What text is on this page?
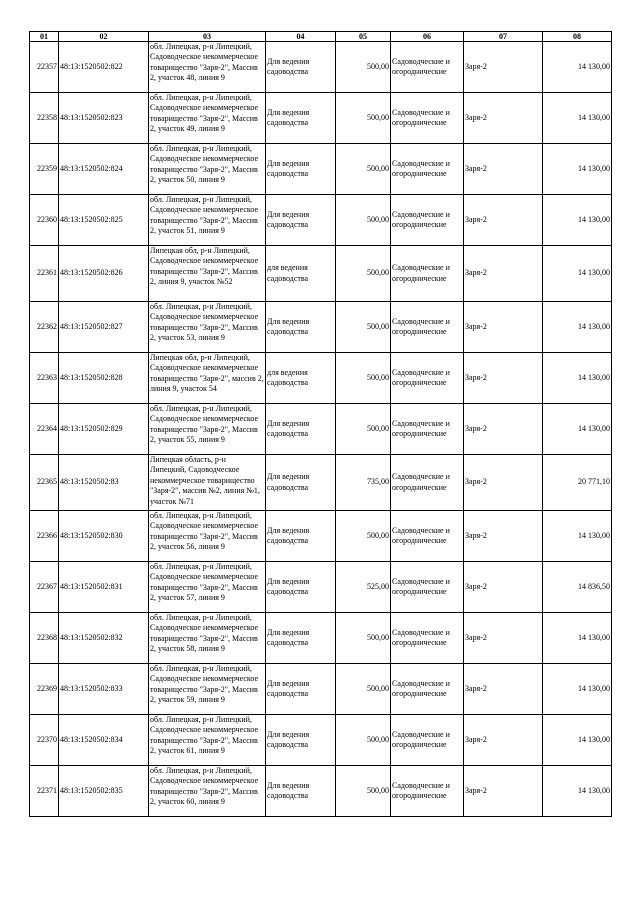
01	02	03	04	05	06	07	08
22357	48:13:1520502:822	обл. Липецкая, р-н Липецкий, Садоводческое некоммерческое товарищество "Заря-2", Массив 2, участок 48, линия 9	Для ведения садоводства	500,00	Садоводческие и огороднические	Заря-2	14 130,00
22358	48:13:1520502:823	обл. Липецкая, р-н Липецкий, Садоводческое некоммерческое товарищество "Заря-2", Массив 2, участок 49, линия 9	Для ведения садоводства	500,00	Садоводческие и огороднические	Заря-2	14 130,00
22359	48:13:1520502:824	обл. Липецкая, р-н Липецкий, Садоводческое некоммерческое товарищество "Заря-2", Массив 2, участок 50, линия 9	Для ведения садоводства	500,00	Садоводческие и огороднические	Заря-2	14 130,00
22360	48:13:1520502:825	обл. Липецкая, р-н Липецкий, Садоводческое некоммерческое товарищество "Заря-2", Массив 2, участок 51, линия 9	Для ведения садоводства	500,00	Садоводческие и огороднические	Заря-2	14 130,00
22361	48:13:1520502:826	Липецкая обл, р-н Липецкий, Садоводческое некоммерческое товарищество "Заря-2", Массив 2, линия 9, участок №52	для ведения садоводства	500,00	Садоводческие и огороднические	Заря-2	14 130,00
22362	48:13:1520502:827	обл. Липецкая, р-н Липецкий, Садоводческое некоммерческое товарищество "Заря-2", Массив 2, участок 53, линия 9	Для ведения садоводства	500,00	Садоводческие и огороднические	Заря-2	14 130,00
22363	48:13:1520502:828	Липецкая обл, р-н Липецкий, Садоводческое некоммерческое товарищество "Заря-2", массив 2, линия 9, участок 54	для ведения садоводства	500,00	Садоводческие и огороднические	Заря-2	14 130,00
22364	48:13:1520502:829	обл. Липецкая, р-н Липецкий, Садоводческое некоммерческое товарищество "Заря-2", Массив 2, участок 55, линия 9	Для ведения садоводства	500,00	Садоводческие и огороднические	Заря-2	14 130,00
22365	48:13:1520502:83	Липецкая область, р-н Липецкий, Садоводческое некоммерческое товарищество "Заря-2", массив №2, линия №1, участок №71	Для ведения садоводства	735,00	Садоводческие и огороднические	Заря-2	20 771,10
22366	48:13:1520502:830	обл. Липецкая, р-н Липецкий, Садоводческое некоммерческое товарищество "Заря-2", Массив 2, участок 56, линия 9	Для ведения садоводства	500,00	Садоводческие и огороднические	Заря-2	14 130,00
22367	48:13:1520502:831	обл. Липецкая, р-н Липецкий, Садоводческое некоммерческое товарищество "Заря-2", Массив 2, участок 57, линия 9	Для ведения садоводства	525,00	Садоводческие и огороднические	Заря-2	14 836,50
22368	48:13:1520502:832	обл. Липецкая, р-н Липецкий, Садоводческое некоммерческое товарищество "Заря-2", Массив 2, участок 58, линия 9	Для ведения садоводства	500,00	Садоводческие и огороднические	Заря-2	14 130,00
22369	48:13:1520502:833	обл. Липецкая, р-н Липецкий, Садоводческое некоммерческое товарищество "Заря-2", Массив 2, участок 59, линия 9	Для ведения садоводства	500,00	Садоводческие и огороднические	Заря-2	14 130,00
22370	48:13:1520502:834	обл. Липецкая, р-н Липецкий, Садоводческое некоммерческое товарищество "Заря-2", Массив 2, участок 61, линия 9	Для ведения садоводства	500,00	Садоводческие и огороднические	Заря-2	14 130,00
22371	48:13:1520502:835	обл. Липецкая, р-н Липецкий, Садоводческое некоммерческое товарищество "Заря-2", Массив 2, участок 60, линия 9	Для ведения садоводства	500,00	Садоводческие и огороднические	Заря-2	14 130,00
